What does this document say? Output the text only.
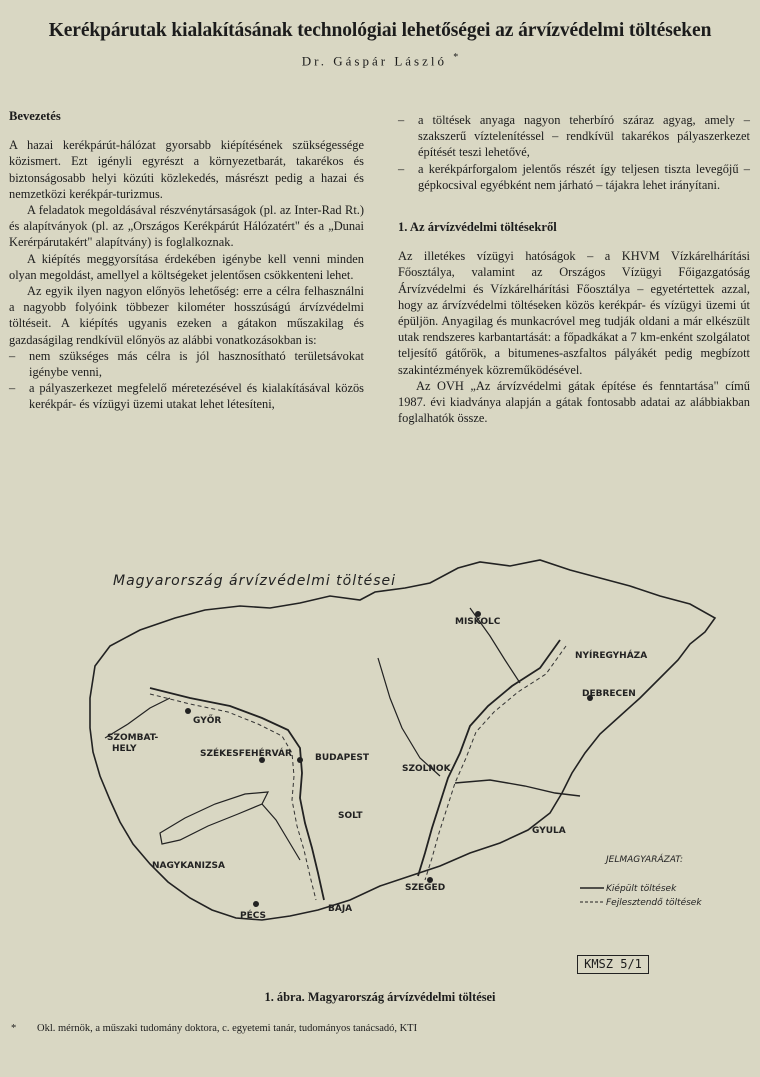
Kerékpárutak kialakításának technológiai lehetőségei az árvízvédelmi töltéseken
Dr. Gáspár László *
Bevezetés

A hazai kerékpárút-hálózat gyorsabb kiépítésének szükségessége közismert. Ezt igényli egyrészt a környezetbarát, takarékos és biztonságosabb helyi közúti közlekedés, másrészt pedig a hazai és nemzetközi kerékpár-turizmus.

A feladatok megoldásával részvénytársaságok (pl. az Inter-Rad Rt.) és alapítványok (pl. az „Országos Kerékpárút Hálózatért" és a „Dunai Kerérpárutakért" alapítvány) is foglalkoznak.

A kiépítés meggyorsítása érdekében igénybe kell venni minden olyan megoldást, amellyel a költségeket jelentősen csökkenteni lehet.

Az egyik ilyen nagyon előnyös lehetőség: erre a célra felhasználni a nagyobb folyóink többezer kilométer hosszúságú árvízvédelmi töltéseit. A kiépítés ugyanis ezeken a gátakon műszakilag és gazdaságilag rendkívül előnyös az alábbi vonatkozásokban is:

– nem szükséges más célra is jól hasznosítható területsávokat igénybe venni,
– a pályaszerkezet megfelelő méretezésével és kialakításával közös kerékpár- és vízügyi üzemi utakat lehet létesíteni,
– a töltések anyaga nagyon teherbíró száraz agyag, amely – szakszerű víztelenítéssel – rendkívül takarékos pályaszerkezet építését teszi lehetővé,
– a kerékpárforgalom jelentős részét így teljesen tiszta levegőjű – gépkocsival egyébként nem járható – tájakra lehet irányítani.
1. Az árvízvédelmi töltésekről

Az illetékes vízügyi hatóságok – a KHVM Vízkárelhárítási Főosztálya, valamint az Országos Vízügyi Főigazgatóság Árvízvédelmi és Vízkárelhárítási Főosztálya – egyetértettek azzal, hogy az árvízvédelmi töltéseken közös kerékpár- és vízügyi üzemi út épüljön. Anyagilag és munkacróvel meg tudják oldani a már elkészült utak rendszeres karbantartását: a főpadkákat a 7 km-enként szolgálatot teljesítő gátőrök, a bitumenes-aszfaltos pályákét pedig megbízott szakintézmények közreműködésével.

Az OVH „Az árvízvédelmi gátak építése és fenntartása" című 1987. évi kiadványa alapján a gátak fontosabb adatai az alábbiakban foglalhatók össze.

Magyarország árvízvédelmi töltései
GYŐR
SZOMBAT-
HELY	SZÉKESFEHÉRVÁR	BUDAPEST
MISKOLC
NYÍREGYHÁZA
DEBRECEN
SZOLNOK
SOLT
NAGYKANIZSA
PÉCS
BAJA
SZEGED
GYULA
JELMAGYARÁZAT:
Kiépült töltések
Fejlesztendő töltések
KMSZ 5/1
1. ábra. Magyarország árvízvédelmi töltései
* Okl. mérnök, a műszaki tudomány doktora, c. egyetemi tanár, tudományos tanácsadó, KTI
